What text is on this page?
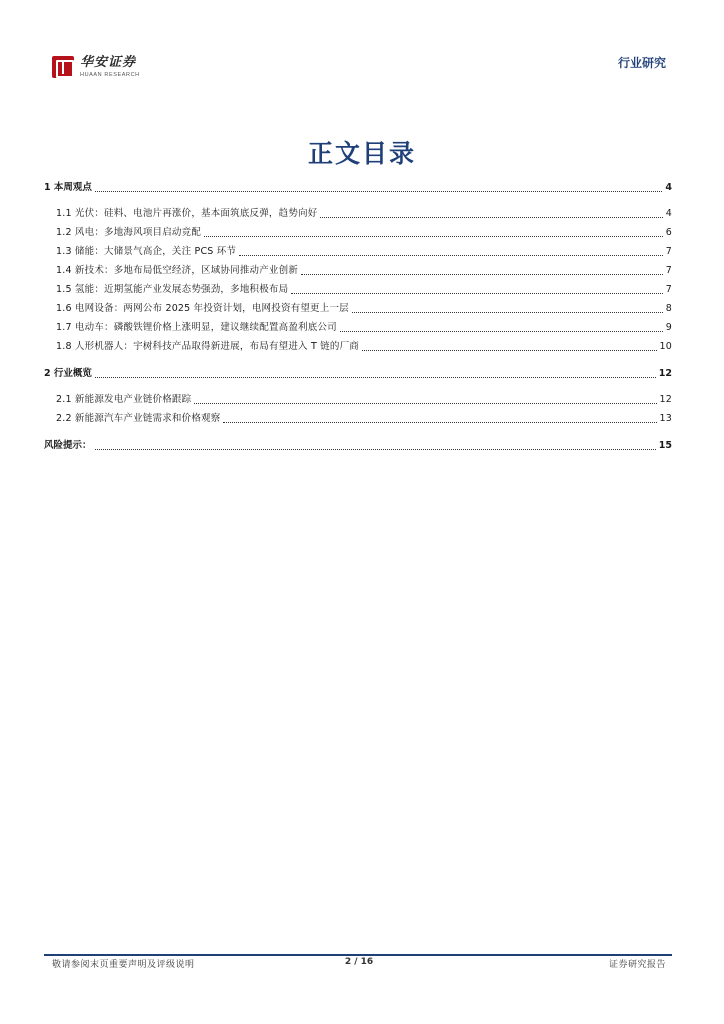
华安证券
HUAAN RESEARCH
行业研究
正文目录
1 本周观点	4
1.1 光伏：硅料、电池片再涨价，基本面筑底反弹，趋势向好	4
1.2 风电：多地海风项目启动竞配	6
1.3 储能：大储景气高企，关注 PCS 环节	7
1.4 新技术：多地布局低空经济，区域协同推动产业创新	7
1.5 氢能：近期氢能产业发展态势强劲，多地积极布局	7
1.6 电网设备：两网公布 2025 年投资计划，电网投资有望更上一层	8
1.7 电动车：磷酸铁锂价格上涨明显，建议继续配置高盈利底公司	9
1.8 人形机器人：宇树科技产品取得新进展，布局有望进入 T 链的厂商	10
2 行业概览	12
2.1 新能源发电产业链价格跟踪	12
2.2 新能源汽车产业链需求和价格观察	13
风险提示：	15
敬请参阅末页重要声明及评级说明	2 / 16	证券研究报告
